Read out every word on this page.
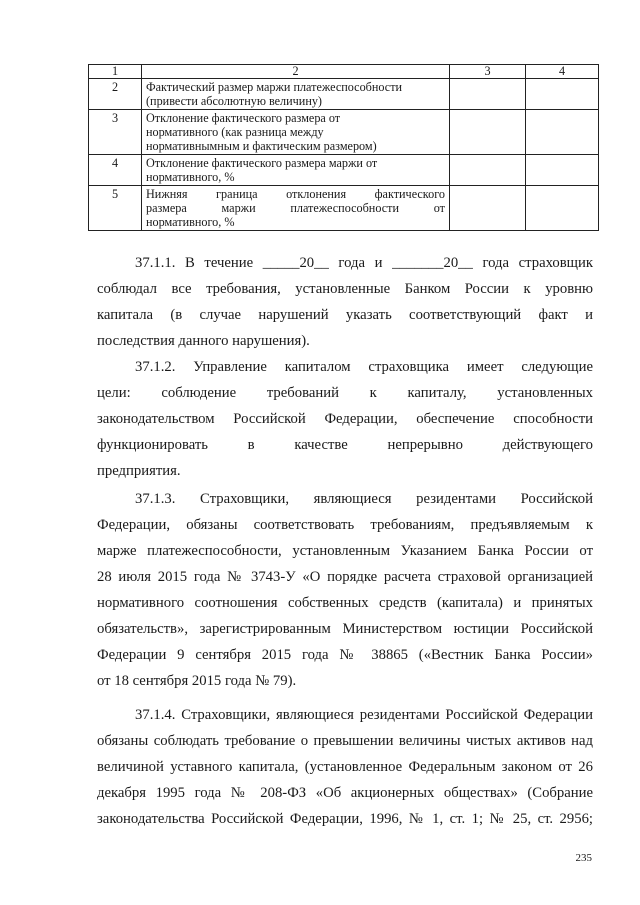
1	2	3	4
2	Фактический размер маржи платежеспособности
(привести абсолютную величину)		
3	Отклонение фактического размера от
нормативного (как разница между
нормативнымным и фактическим размером)		
4	Отклонение фактического размера маржи от
нормативного, %		
5	Нижняя граница отклонения фактического
размера маржи платежеспособности от
нормативного, %		

37.1.1. В течение _____20__ года и _______20__ года страховщик
соблюдал все требования, установленные Банком России к уровню
капитала (в случае нарушений указать соответствующий факт и
последствия данного нарушения).
37.1.2. Управление капиталом страховщика имеет следующие
цели: соблюдение требований к капиталу, установленных
законодательством Российской Федерации, обеспечение способности
функционировать в качестве непрерывно действующего
предприятия.
37.1.3. Страховщики, являющиеся резидентами Российской
Федерации, обязаны соответствовать требованиям, предъявляемым к
марже платежеспособности, установленным Указанием Банка России от
28 июля 2015 года № 3743-У «О порядке расчета страховой организацией
нормативного соотношения собственных средств (капитала) и принятых
обязательств», зарегистрированным Министерством юстиции Российской
Федерации 9 сентября 2015 года № 38865 («Вестник Банка России»
от 18 сентября 2015 года № 79).
37.1.4. Страховщики, являющиеся резидентами Российской Федерации
обязаны соблюдать требование о превышении величины чистых активов над
величиной уставного капитала, (установленное Федеральным законом от 26
декабря 1995 года № 208-ФЗ «Об акционерных обществах» (Собрание
законодательства Российской Федерации, 1996, № 1, ст. 1; № 25, ст. 2956;
235
